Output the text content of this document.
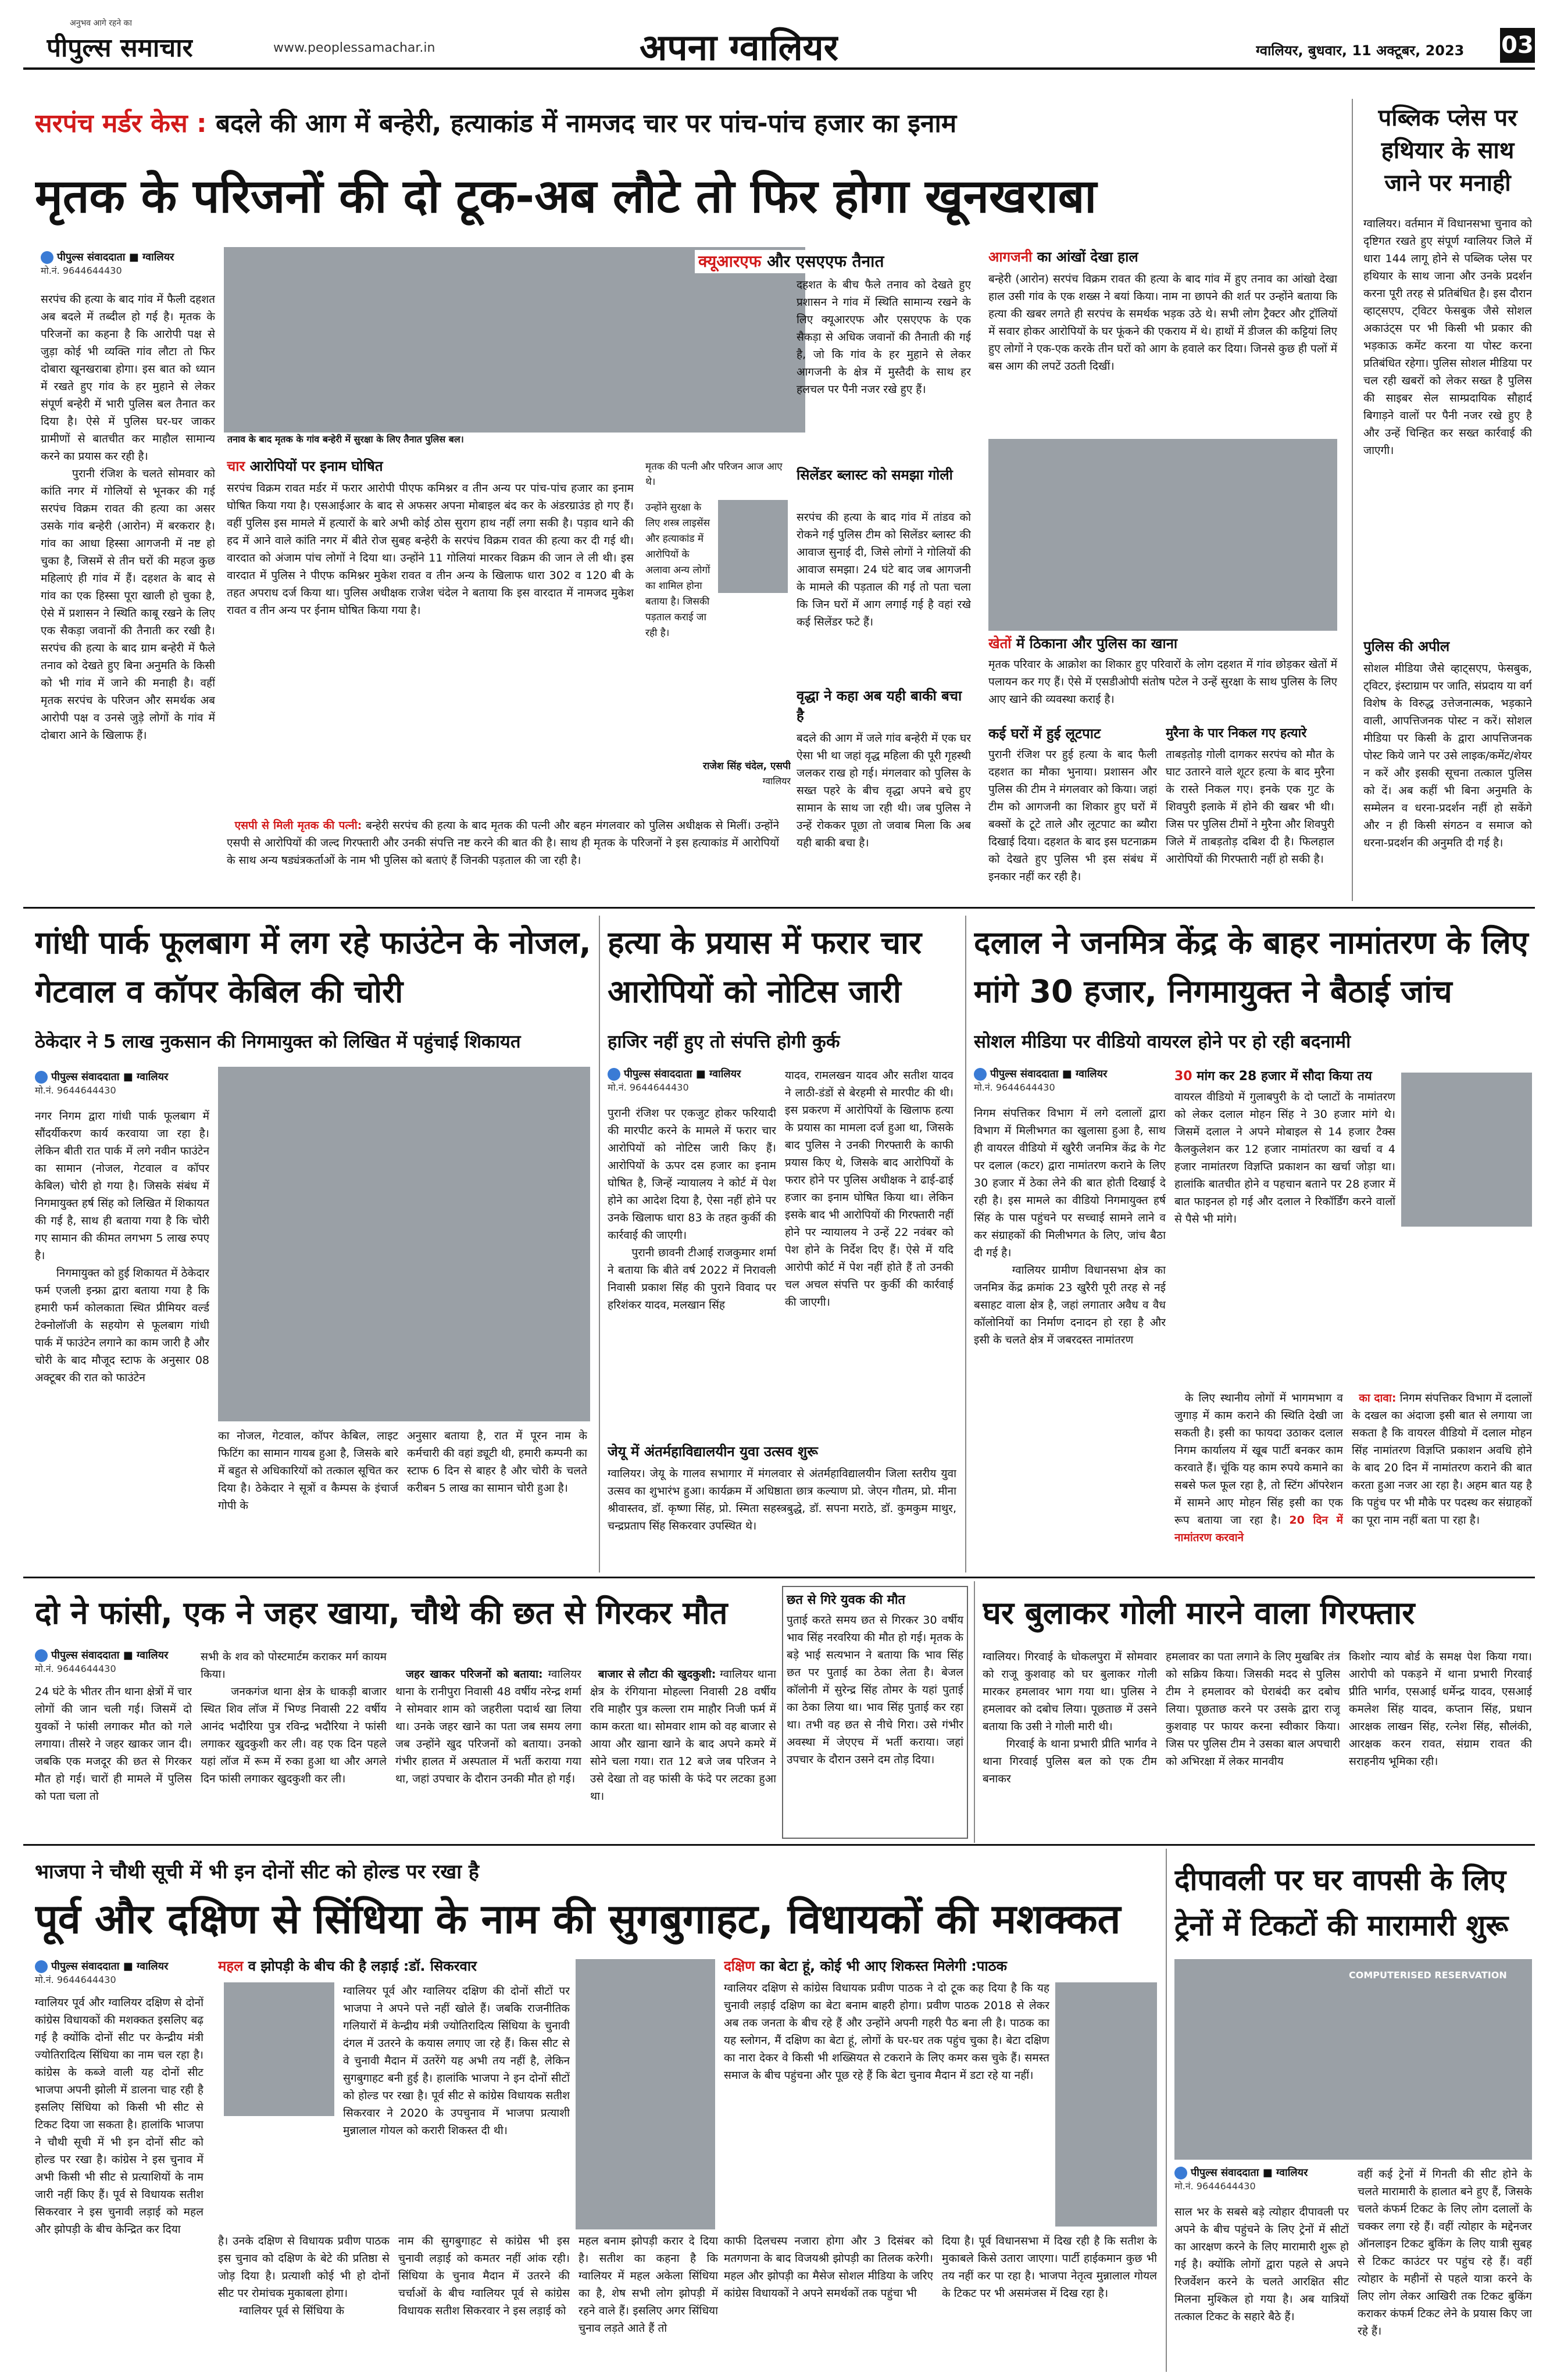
अनुभव आगे रहने का
पीपुल्स समाचार	www.peoplessamachar.in	अपना ग्वालियर	ग्वालियर, बुधवार, 11 अक्टूबर, 2023 03
सरपंच मर्डर केस : बदले की आग में बन्हेरी, हत्याकांड में नामजद चार पर पांच-पांच हजार का इनाम
मृतक के परिजनों की दो टूक-अब लौटे तो फिर होगा खूनखराबा
पीपुल्स संवाददाता ■ ग्वालियर
मो.नं. 9644644430
सरपंच की हत्या के बाद गांव में फैली दहशत अब बदले में तब्दील हो गई है। मृतक के परिजनों का कहना है कि आरोपी पक्ष से जुड़ा कोई भी व्यक्ति गांव लौटा तो फिर दोबारा खूनखराबा होगा। इस बात को ध्यान में रखते हुए गांव के हर मुहाने से लेकर संपूर्ण बन्हेरी में भारी पुलिस बल तैनात कर दिया है। ऐसे में पुलिस घर-घर जाकर ग्रामीणों से बातचीत कर माहौल सामान्य करने का प्रयास कर रही है।
पुरानी रंजिश के चलते सोमवार को कांति नगर में गोलियों से भूनकर की गई सरपंच विक्रम रावत की हत्या का असर उसके गांव बन्हेरी (आरोन) में बरकरार है। गांव का आधा हिस्सा आगजनी में नष्ट हो चुका है, जिसमें से तीन घरों की महज कुछ महिलाएं ही गांव में हैं। दहशत के बाद से गांव का एक हिस्सा पूरा खाली हो चुका है, ऐसे में प्रशासन ने स्थिति काबू रखने के लिए एक सैकड़ा जवानों की तैनाती कर रखी है। सरपंच की हत्या के बाद ग्राम बन्हेरी में फैले तनाव को देखते हुए बिना अनुमति के किसी को भी गांव में जाने की मनाही है। वहीं मृतक सरपंच के परिजन और समर्थक अब आरोपी पक्ष व उनसे जुड़े लोगों के गांव में दोबारा आने के खिलाफ हैं।
तनाव के बाद मृतक के गांव बन्हेरी में सुरक्षा के लिए तैनात पुलिस बल।
क्यूआरएफ और एसएएफ तैनात
दहशत के बीच फैले तनाव को देखते हुए प्रशासन ने गांव में स्थिति सामान्य रखने के लिए क्यूआरएफ और एसएएफ के एक सैकड़ा से अधिक जवानों की तैनाती की गई है, जो कि गांव के हर मुहाने से लेकर आगजनी के क्षेत्र में मुस्तैदी के साथ हर हलचल पर पैनी नजर रखे हुए हैं।
सिलेंडर ब्लास्ट को समझा गोली
सरपंच की हत्या के बाद गांव में तांडव को रोकने गई पुलिस टीम को सिलेंडर ब्लास्ट की आवाज सुनाई दी, जिसे लोगों ने गोलियों की आवाज समझा। 24 घंटे बाद जब आगजनी के मामले की पड़ताल की गई तो पता चला कि जिन घरों में आग लगाई गई है वहां रखे कई सिलेंडर फटे हैं।
वृद्धा ने कहा अब यही बाकी बचा है
बदले की आग में जले गांव बन्हेरी में एक घर ऐसा भी था जहां वृद्ध महिला की पूरी गृहस्थी जलकर राख हो गई। मंगलवार को पुलिस के सख्त पहरे के बीच वृद्धा अपने बचे हुए सामान के साथ जा रही थी। जब पुलिस ने उन्हें रोककर पूछा तो जवाब मिला कि अब यही बाकी बचा है।
चार आरोपियों पर इनाम घोषित
सरपंच विक्रम रावत मर्डर में फरार आरोपी पीएफ कमिश्नर व तीन अन्य पर पांच-पांच हजार का इनाम घोषित किया गया है। एसआईआर के बाद से अफसर अपना मोबाइल बंद कर के अंडरग्राउंड हो गए हैं। वहीं पुलिस इस मामले में हत्यारों के बारे अभी कोई ठोस सुराग हाथ नहीं लगा सकी है। पड़ाव थाने की हद में आने वाले कांति नगर में बीते रोज सुबह बन्हेरी के सरपंच विक्रम रावत की हत्या कर दी गई थी। वारदात को अंजाम पांच लोगों ने दिया था। उन्होंने 11 गोलियां मारकर विक्रम की जान ले ली थी। इस वारदात में पुलिस ने पीएफ कमिश्नर मुकेश रावत व तीन अन्य के खिलाफ धारा 302 व 120 बी के तहत अपराध दर्ज किया था। पुलिस अधीक्षक राजेश चंदेल ने बताया कि इस वारदात में नामजद मुकेश रावत व तीन अन्य पर ईनाम घोषित किया गया है।

एसपी से मिली मृतक की पत्नी: बन्हेरी सरपंच की हत्या के बाद मृतक की पत्नी और बहन मंगलवार को पुलिस अधीक्षक से मिलीं। उन्होंने एसपी से आरोपियों की जल्द गिरफ्तारी और उनकी संपत्ति नष्ट करने की बात की है। साथ ही मृतक के परिजनों ने इस हत्याकांड में आरोपियों के साथ अन्य षड्यंत्रकर्ताओं के नाम भी पुलिस को बताएं हैं जिनकी पड़ताल की जा रही है।

मृतक की पत्नी और परिजन आज आए थे।
उन्होंने सुरक्षा के लिए शस्त्र लाइसेंस और हत्याकांड में आरोपियों के अलावा अन्य लोगों का शामिल होना बताया है। जिसकी पड़ताल कराई जा रही है।
राजेश सिंह चंदेल, एसपी
ग्वालियर
आगजनी का आंखों देखा हाल
बन्हेरी (आरोन) सरपंच विक्रम रावत की हत्या के बाद गांव में हुए तनाव का आंखो देखा हाल उसी गांव के एक शख्स ने बयां किया। नाम ना छापने की शर्त पर उन्होंने बताया कि हत्या की खबर लगते ही सरपंच के समर्थक भड़क उठे थे। सभी लोग ट्रैक्टर और ट्रॉलियों में सवार होकर आरोपियों के घर फूंकने की एकराय में थे। हाथों में डीजल की कट्टियां लिए हुए लोगों ने एक-एक करके तीन घरों को आग के हवाले कर दिया। जिनसे कुछ ही पलों में बस आग की लपटें उठती दिखीं।
खेतों में ठिकाना और पुलिस का खाना
मृतक परिवार के आक्रोश का शिकार हुए परिवारों के लोग दहशत में गांव छोड़कर खेतों में पलायन कर गए हैं। ऐसे में एसडीओपी संतोष पटेल ने उन्हें सुरक्षा के साथ पुलिस के लिए आए खाने की व्यवस्था कराई है।
कई घरों में हुई लूटपाट
पुरानी रंजिश पर हुई हत्या के बाद फैली दहशत का मौका भुनाया। प्रशासन और पुलिस की टीम ने मंगलवार को किया। जहां टीम को आगजनी का शिकार हुए घरों में बक्सों के टूटे ताले और लूटपाट का ब्यौरा दिखाई दिया। दहशत के बाद इस घटनाक्रम को देखते हुए पुलिस भी इस संबंध में इनकार नहीं कर रही है।
मुरैना के पार निकल गए हत्यारे
ताबड़तोड़ गोली दागकर सरपंच को मौत के घाट उतारने वाले शूटर हत्या के बाद मुरैना के रास्ते निकल गए। इनके एक गुट के शिवपुरी इलाके में होने की खबर भी थी। जिस पर पुलिस टीमों ने मुरैना और शिवपुरी जिले में ताबड़तोड़ दबिश दी है। फिलहाल आरोपियों की गिरफ्तारी नहीं हो सकी है।
पब्लिक प्लेस पर हथियार के साथ जाने पर मनाही
ग्वालियर। वर्तमान में विधानसभा चुनाव को दृष्टिगत रखते हुए संपूर्ण ग्वालियर जिले में धारा 144 लागू होने से पब्लिक प्लेस पर हथियार के साथ जाना और उनके प्रदर्शन करना पूरी तरह से प्रतिबंधित है। इस दौरान व्हाट्सएप, ट्विटर फेसबुक जैसे सोशल अकाउंट्स पर भी किसी भी प्रकार की भड़काऊ कमेंट करना या पोस्ट करना प्रतिबंधित रहेगा। पुलिस सोशल मीडिया पर चल रही खबरों को लेकर सख्त है पुलिस की साइबर सेल साम्प्रदायिक सौहार्द बिगाड़ने वालों पर पैनी नजर रखे हुए है और उन्हें चिन्हित कर सख्त कार्रवाई की जाएगी।
पुलिस की अपील
सोशल मीडिया जैसे व्हाट्सएप, फेसबुक, ट्विटर, इंस्टाग्राम पर जाति, संप्रदाय या वर्ग विशेष के विरुद्ध उत्तेजनात्मक, भड़काने वाली, आपत्तिजनक पोस्ट न करें। सोशल मीडिया पर किसी के द्वारा आपत्तिजनक पोस्ट किये जाने पर उसे लाइक/कमेंट/शेयर न करें और इसकी सूचना तत्काल पुलिस को दें। अब कहीं भी बिना अनुमति के सम्मेलन व धरना-प्रदर्शन नहीं हो सकेंगे और न ही किसी संगठन व समाज को धरना-प्रदर्शन की अनुमति दी गई है।
गांधी पार्क फूलबाग में लग रहे फाउंटेन के नोजल, गेटवाल व कॉपर केबिल की चोरी
ठेकेदार ने 5 लाख नुकसान की निगमायुक्त को लिखित में पहुंचाई शिकायत
पीपुल्स संवाददाता ■ ग्वालियर
मो.नं. 9644644430
नगर निगम द्वारा गांधी पार्क फूलबाग में सौंदर्यीकरण कार्य करवाया जा रहा है। लेकिन बीती रात पार्क में लगे नवीन फाउंटेन का सामान (नोजल, गेटवाल व कॉपर केबिल) चोरी हो गया है। जिसके संबंध में निगमायुक्त हर्ष सिंह को लिखित में शिकायत की गई है, साथ ही बताया गया है कि चोरी गए सामान की कीमत लगभग 5 लाख रुपए है।
निगमायुक्त को हुई शिकायत में ठेकेदार फर्म एजली इन्फ्रा द्वारा बताया गया है कि हमारी फर्म कोलकाता स्थित प्रीमियर वर्ल्ड टेक्नोलॉजी के सहयोग से फूलबाग गांधी पार्क में फाउंटेन लगाने का काम जारी है और चोरी के बाद मौजूद स्टाफ के अनुसार 08 अक्टूबर की रात को फाउंटेन
का नोजल, गेटवाल, कॉपर केबिल, लाइट फिटिंग का सामान गायब हुआ है, जिसके बारे में बहुत से अधिकारियों को तत्काल सूचित कर दिया है। ठेकेदार ने सूत्रों व कैम्पस के इंचार्ज गोपी के
अनुसार बताया है, रात में पूरन नाम के कर्मचारी की वहां ड्यूटी थी, हमारी कम्पनी का स्टाफ 6 दिन से बाहर है और चोरी के चलते करीबन 5 लाख का सामान चोरी हुआ है।
हत्या के प्रयास में फरार चार आरोपियों को नोटिस जारी
हाजिर नहीं हुए तो संपत्ति होगी कुर्क
पीपुल्स संवाददाता ■ ग्वालियर
मो.नं. 9644644430
पुरानी रंजिश पर एकजुट होकर फरियादी की मारपीट करने के मामले में फरार चार आरोपियों को नोटिस जारी किए हैं। आरोपियों के ऊपर दस हजार का इनाम घोषित है, जिन्हें न्यायालय ने कोर्ट में पेश होने का आदेश दिया है, ऐसा नहीं होने पर उनके खिलाफ धारा 83 के तहत कुर्की की कार्रवाई की जाएगी।
पुरानी छावनी टीआई राजकुमार शर्मा ने बताया कि बीते वर्ष 2022 में निरावली निवासी प्रकाश सिंह की पुराने विवाद पर हरिशंकर यादव, मलखान सिंह
यादव, रामलखन यादव और सतीश यादव ने लाठी-डंडों से बेरहमी से मारपीट की थी। इस प्रकरण में आरोपियों के खिलाफ हत्या के प्रयास का मामला दर्ज हुआ था, जिसके बाद पुलिस ने उनकी गिरफ्तारी के काफी प्रयास किए थे, जिसके बाद आरोपियों के फरार होने पर पुलिस अधीक्षक ने ढाई-ढाई हजार का इनाम घोषित किया था। लेकिन इसके बाद भी आरोपियों की गिरफ्तारी नहीं होने पर न्यायालय ने उन्हें 22 नवंबर को पेश होने के निर्देश दिए हैं। ऐसे में यदि आरोपी कोर्ट में पेश नहीं होते हैं तो उनकी चल अचल संपत्ति पर कुर्की की कार्रवाई की जाएगी।
जेयू में अंतर्महाविद्यालयीन युवा उत्सव शुरू
ग्वालियर। जेयू के गालव सभागार में मंगलवार से अंतर्महाविद्यालयीन जिला स्तरीय युवा उत्सव का शुभारंभ हुआ। कार्यक्रम में अधिष्ठाता छात्र कल्याण प्रो. जेएन गौतम, प्रो. मीना श्रीवास्तव, डॉ. कृष्णा सिंह, प्रो. स्मिता सहस्त्रबुद्धे, डॉ. सपना मराठे, डॉ. कुमकुम माथुर, चन्द्रप्रताप सिंह सिकरवार उपस्थित थे।
दलाल ने जनमित्र केंद्र के बाहर नामांतरण के लिए मांगे 30 हजार, निगमायुक्त ने बैठाई जांच
सोशल मीडिया पर वीडियो वायरल होने पर हो रही बदनामी
पीपुल्स संवाददाता ■ ग्वालियर
मो.नं. 9644644430
निगम संपत्तिकर विभाग में लगे दलालों द्वारा विभाग में मिलीभगत का खुलासा हुआ है, साथ ही वायरल वीडियो में खुरैरी जनमित्र केंद्र के गेट पर दलाल (कटर) द्वारा नामांतरण कराने के लिए 30 हजार में ठेका लेने की बात होती दिखाई दे रही है। इस मामले का वीडियो निगमायुक्त हर्ष सिंह के पास पहुंचने पर सच्चाई सामने लाने व कर संग्राहकों की मिलीभगत के लिए, जांच बैठा दी गई है।
ग्वालियर ग्रामीण विधानसभा क्षेत्र का जनमित्र केंद्र क्रमांक 23 खुरैरी पूरी तरह से नई बसाहट वाला क्षेत्र है, जहां लगातार अवैध व वैध कॉलोनियों का निर्माण दनादन हो रहा है और इसी के चलते क्षेत्र में जबरदस्त नामांतरण
30 मांग कर 28 हजार में सौदा किया तय
वायरल वीडियो में गुलाबपुरी के दो प्लाटों के नामांतरण को लेकर दलाल मोहन सिंह ने 30 हजार मांगे थे। जिसमें दलाल ने अपने मोबाइल से 14 हजार टैक्स कैलकुलेशन कर 12 हजार नामांतरण का खर्चा व 4 हजार नामांतरण विज्ञप्ति प्रकाशन का खर्चा जोड़ा था। हालांकि बातचीत होने व पहचान बताने पर 28 हजार में बात फाइनल हो गई और दलाल ने रिकॉर्डिंग करने वालों से पैसे भी मांगे।

के लिए स्थानीय लोगों में भागमभाग व जुगाड़ में काम कराने की स्थिति देखी जा सकती है। इसी का फायदा उठाकर दलाल निगम कार्यालय में खूब पार्टी बनकर काम करवाते हैं। चूंकि यह काम रुपये कमाने का सबसे फल फूल रहा है, तो स्टिंग ऑपरेशन में सामने आए मोहन सिंह इसी का एक रूप बताया जा रहा है। 20 दिन में नामांतरण करवाने

का दावा: निगम संपत्तिकर विभाग में दलालों के दखल का अंदाजा इसी बात से लगाया जा सकता है कि वायरल वीडियो में दलाल मोहन सिंह नामांतरण विज्ञप्ति प्रकाशन अवधि होने के बाद 20 दिन में नामांतरण कराने की बात करता हुआ नजर आ रहा है। अहम बात यह है कि पहुंच पर भी मौके पर पदस्थ कर संग्राहकों का पूरा नाम नहीं बता पा रहा है।

दो ने फांसी, एक ने जहर खाया, चौथे की छत से गिरकर मौत
पीपुल्स संवाददाता ■ ग्वालियर
मो.नं. 9644644430
24 घंटे के भीतर तीन थाना क्षेत्रों में चार लोगों की जान चली गई। जिसमें दो युवकों ने फांसी लगाकर मौत को गले लगाया। तीसरे ने जहर खाकर जान दी। जबकि एक मजदूर की छत से गिरकर मौत हो गई। चारों ही मामले में पुलिस को पता चला तो
सभी के शव को पोस्टमार्टम कराकर मर्ग कायम किया।
जनकगंज थाना क्षेत्र के धाकड़ी बाजार स्थित शिव लॉज में भिण्ड निवासी 22 वर्षीय आनंद भदौरिया पुत्र रविन्द्र भदौरिया ने फांसी लगाकर खुदकुशी कर ली। वह एक दिन पहले यहां लॉज में रूम में रुका हुआ था और अगले दिन फांसी लगाकर खुदकुशी कर ली।

जहर खाकर परिजनों को बताया: ग्वालियर थाना के रानीपुरा निवासी 48 वर्षीय नरेन्द्र शर्मा ने सोमवार शाम को जहरीला पदार्थ खा लिया था। उनके जहर खाने का पता जब समय लगा जब उन्होंने खुद परिजनों को बताया। उनको गंभीर हालत में अस्पताल में भर्ती कराया गया था, जहां उपचार के दौरान उनकी मौत हो गई।

बाजार से लौटा की खुदकुशी: ग्वालियर थाना क्षेत्र के रंगियाना मोहल्ला निवासी 28 वर्षीय रवि माहौर पुत्र कल्ला राम माहौर निजी फर्म में काम करता था। सोमवार शाम को वह बाजार से आया और खाना खाने के बाद अपने कमरे में सोने चला गया। रात 12 बजे जब परिजन ने उसे देखा तो वह फांसी के फंदे पर लटका हुआ था।

छत से गिरे युवक की मौत
पुताई करते समय छत से गिरकर 30 वर्षीय भाव सिंह नरवरिया की मौत हो गई। मृतक के बड़े भाई सत्यभान ने बताया कि भाव सिंह छत पर पुताई का ठेका लेता है। बेजल कॉलोनी में सुरेन्द्र सिंह तोमर के यहां पुताई का ठेका लिया था। भाव सिंह पुताई कर रहा था। तभी वह छत से नीचे गिरा। उसे गंभीर अवस्था में जेएएच में भर्ती कराया। जहां उपचार के दौरान उसने दम तोड़ दिया।
घर बुलाकर गोली मारने वाला गिरफ्तार
ग्वालियर। गिरवाई के धोकलपुरा में सोमवार को राजू कुशवाह को घर बुलाकर गोली मारकर हमलावर भाग गया था। पुलिस ने हमलावर को दबोच लिया। पूछताछ में उसने बताया कि उसी ने गोली मारी थी।
गिरवाई के थाना प्रभारी प्रीति भार्गव ने थाना गिरवाई पुलिस बल को एक टीम बनाकर
हमलावर का पता लगाने के लिए मुखबिर तंत्र को सक्रिय किया। जिसकी मदद से पुलिस टीम ने हमलावर को घेराबंदी कर दबोच लिया। पूछताछ करने पर उसके द्वारा राजू कुशवाह पर फायर करना स्वीकार किया। जिस पर पुलिस टीम ने उसका बाल अपचारी को अभिरक्षा में लेकर मानवीय
किशोर न्याय बोर्ड के समक्ष पेश किया गया। आरोपी को पकड़ने में थाना प्रभारी गिरवाई प्रीति भार्गव, एसआई धर्मेन्द्र यादव, एसआई कमलेश सिंह यादव, कप्तान सिंह, प्रधान आरक्षक लाखन सिंह, रत्नेश सिंह, सौलंकी, आरक्षक करन रावत, संग्राम रावत की सराहनीय भूमिका रही।
भाजपा ने चौथी सूची में भी इन दोनों सीट को होल्ड पर रखा है
पूर्व और दक्षिण से सिंधिया के नाम की सुगबुगाहट, विधायकों की मशक्कत
पीपुल्स संवाददाता ■ ग्वालियर
मो.नं. 9644644430
ग्वालियर पूर्व और ग्वालियर दक्षिण से दोनों कांग्रेस विधायकों की मशक्कत इसलिए बढ़ गई है क्योंकि दोनों सीट पर केन्द्रीय मंत्री ज्योतिरादित्य सिंधिया का नाम चल रहा है। कांग्रेस के कब्जे वाली यह दोनों सीट भाजपा अपनी झोली में डालना चाह रही है इसलिए सिंधिया को किसी भी सीट से टिकट दिया जा सकता है। हालांकि भाजपा ने चौथी सूची में भी इन दोनों सीट को होल्ड पर रखा है। कांग्रेस ने इस चुनाव में अभी किसी भी सीट से प्रत्याशियों के नाम जारी नहीं किए हैं। पूर्व से विधायक सतीश सिकरवार ने इस चुनावी लड़ाई को महल और झोपड़ी के बीच केन्द्रित कर दिया
महल व झोपड़ी के बीच की है लड़ाई :डॉ. सिकरवार
ग्वालियर पूर्व और ग्वालियर दक्षिण की दोनों सीटों पर भाजपा ने अपने पत्ते नहीं खोले हैं। जबकि राजनीतिक गलियारों में केन्द्रीय मंत्री ज्योतिरादित्य सिंधिया के चुनावी दंगल में उतरने के कयास लगाए जा रहे हैं। किस सीट से वे चुनावी मैदान में उतरेंगे यह अभी तय नहीं है, लेकिन सुगबुगाहट बनी हुई है। हालांकि भाजपा ने इन दोनों सीटों को होल्ड पर रखा है। पूर्व सीट से कांग्रेस विधायक सतीश सिकरवार ने 2020 के उपचुनाव में भाजपा प्रत्याशी मुन्नालाल गोयल को करारी शिकस्त दी थी।
है। उनके दक्षिण से विधायक प्रवीण पाठक इस चुनाव को दक्षिण के बेटे की प्रतिष्ठा से जोड़ दिया है। प्रत्याशी कोई भी हो दोनों सीट पर रोमांचक मुकाबला होगा।
ग्वालियर पूर्व से सिंधिया के
नाम की सुगबुगाहट से कांग्रेस भी इस चुनावी लड़ाई को कमतर नहीं आंक रही। सिंधिया के चुनाव मैदान में उतरने की चर्चाओं के बीच ग्वालियर पूर्व से कांग्रेस विधायक सतीश सिकरवार ने इस लड़ाई को
महल बनाम झोपड़ी करार दे दिया है। सतीश का कहना है कि ग्वालियर में महल अकेला सिंधिया का है, शेष सभी लोग झोपड़ी में रहने वाले हैं। इसलिए अगर सिंधिया चुनाव लड़ते आते हैं तो
दक्षिण का बेटा हूं, कोई भी आए शिकस्त मिलेगी :पाठक
ग्वालियर दक्षिण से कांग्रेस विधायक प्रवीण पाठक ने दो टूक कह दिया है कि यह चुनावी लड़ाई दक्षिण का बेटा बनाम बाहरी होगा। प्रवीण पाठक 2018 से लेकर अब तक जनता के बीच रहे हैं और उन्होंने अपनी गहरी पैठ बना ली है। पाठक का यह स्लोगन, मैं दक्षिण का बेटा हूं, लोगों के घर-घर तक पहुंच चुका है। बेटा दक्षिण का नारा देकर वे किसी भी शख्सियत से टकराने के लिए कमर कस चुके हैं। समस्त समाज के बीच पहुंचना और पूछ रहे हैं कि बेटा चुनाव मैदान में डटा रहे या नहीं।
काफी दिलचस्प नजारा होगा और 3 दिसंबर को मतगणना के बाद विजयश्री झोपड़ी का तिलक करेगी। महल और झोपड़ी का मैसेज सोशल मीडिया के जरिए कांग्रेस विधायकों ने अपने समर्थकों तक पहुंचा भी
दिया है। पूर्व विधानसभा में दिख रही है कि सतीश के मुकाबले किसे उतारा जाएगा। पार्टी हाईकमान कुछ भी तय नहीं कर पा रहा है। भाजपा नेतृत्व मुन्नालाल गोयल के टिकट पर भी असमंजस में दिख रहा है।
दीपावली पर घर वापसी के लिए ट्रेनों में टिकटों की मारामारी शुरू
COMPUTERISED RESERVATION
पीपुल्स संवाददाता ■ ग्वालियर
मो.नं. 9644644430
साल भर के सबसे बड़े त्योहार दीपावली पर अपने के बीच पहुंचने के लिए ट्रेनों में सीटों का आरक्षण करने के लिए मारामारी शुरू हो गई है। क्योंकि लोगों द्वारा पहले से अपने रिजर्वेशन करने के चलते आरक्षित सीट मिलना मुश्किल हो गया है। अब यात्रियों तत्काल टिकट के सहारे बैठे हैं।
वहीं कई ट्रेनों में गिनती की सीट होने के चलते मारामारी के हालात बने हुए हैं, जिसके चलते कंफर्म टिकट के लिए लोग दलालों के चक्कर लगा रहे हैं। वहीं त्योहार के मद्देनजर ऑनलाइन टिकट बुकिंग के लिए यात्री सुबह से टिकट काउंटर पर पहुंच रहे हैं। वहीं त्योहार के महीनों से पहले यात्रा करने के लिए लोग लेकर आखिरी तक टिकट बुकिंग कराकर कंफर्म टिकट लेने के प्रयास किए जा रहे हैं।
